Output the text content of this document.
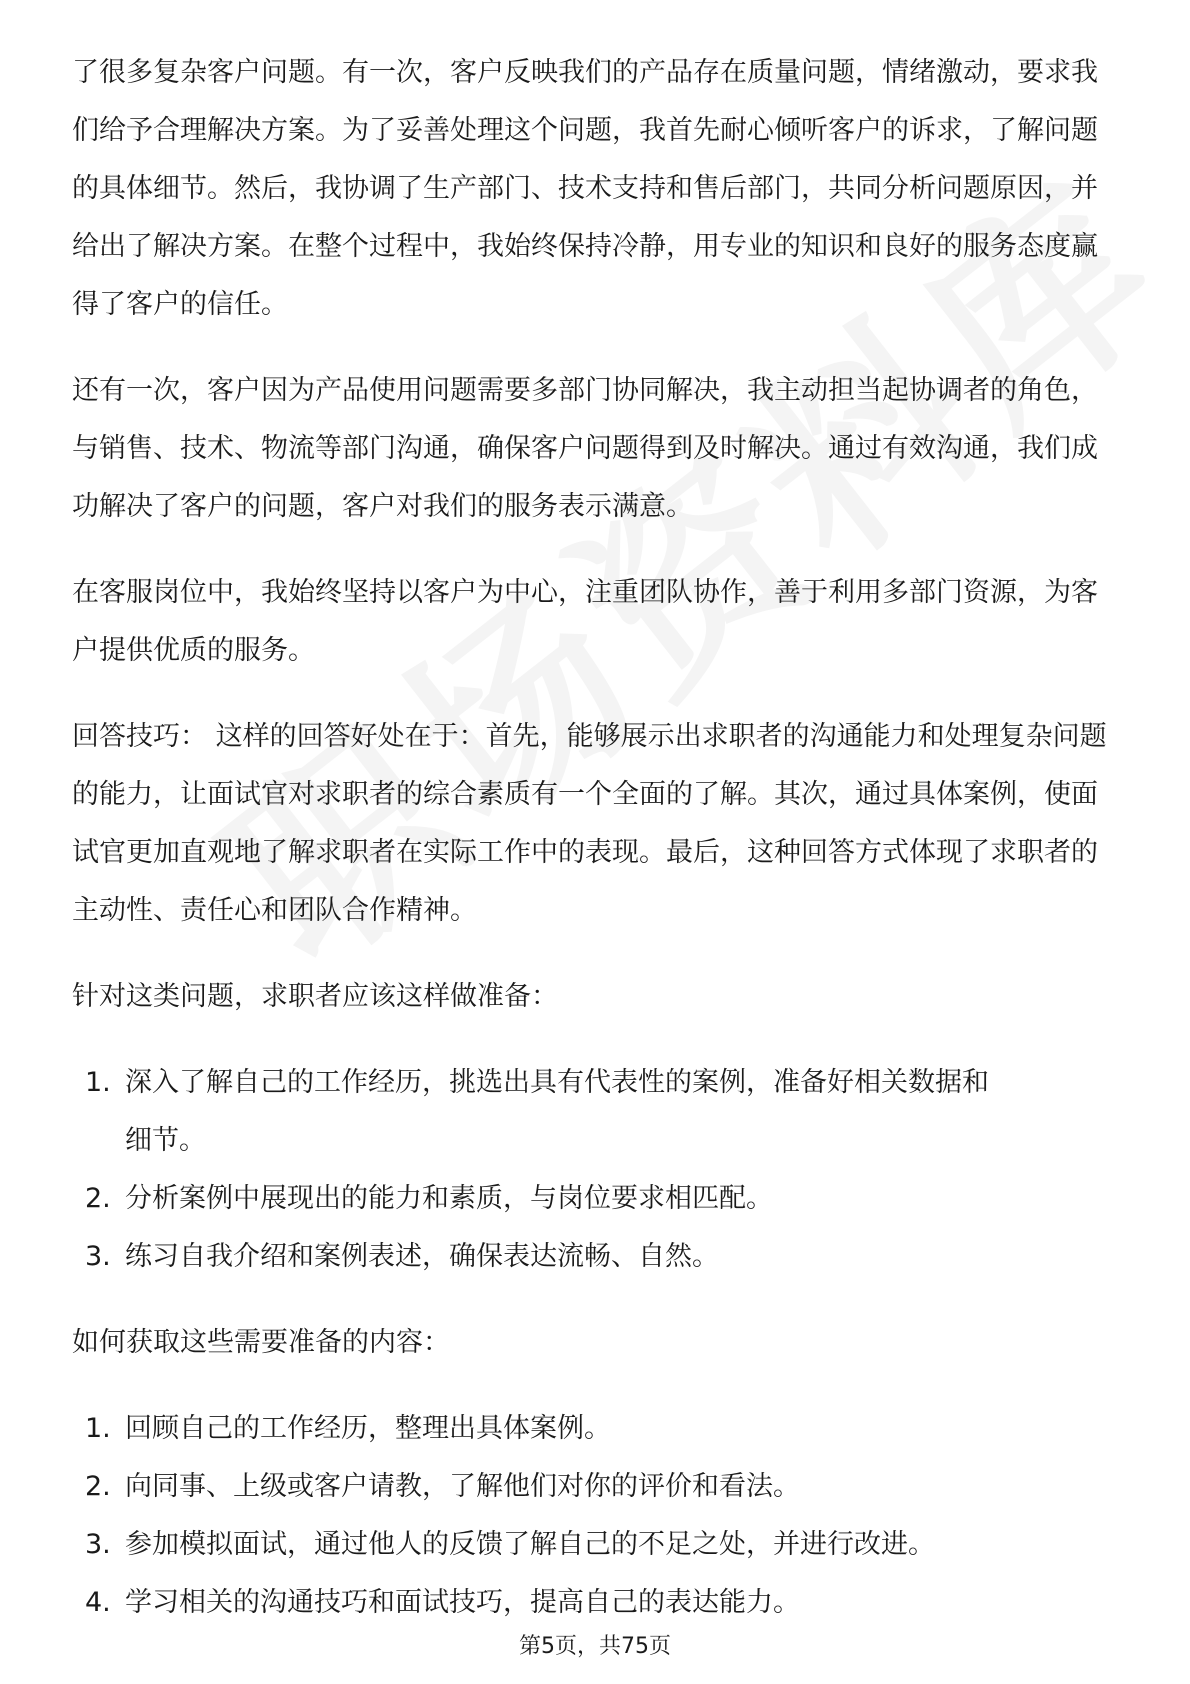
了很多复杂客户问题。有一次，客户反映我们的产品存在质量问题，情绪激动，要求我们给予合理解决方案。为了妥善处理这个问题，我首先耐心倾听客户的诉求，了解问题的具体细节。然后，我协调了生产部门、技术支持和售后部门，共同分析问题原因，并给出了解决方案。在整个过程中，我始终保持冷静，用专业的知识和良好的服务态度赢得了客户的信任。

还有一次，客户因为产品使用问题需要多部门协同解决，我主动担当起协调者的角色，与销售、技术、物流等部门沟通，确保客户问题得到及时解决。通过有效沟通，我们成功解决了客户的问题，客户对我们的服务表示满意。

在客服岗位中，我始终坚持以客户为中心，注重团队协作，善于利用多部门资源，为客户提供优质的服务。

回答技巧： 这样的回答好处在于：首先，能够展示出求职者的沟通能力和处理复杂问题的能力，让面试官对求职者的综合素质有一个全面的了解。其次，通过具体案例，使面试官更加直观地了解求职者在实际工作中的表现。最后，这种回答方式体现了求职者的主动性、责任心和团队合作精神。

针对这类问题，求职者应该这样做准备：

1. 深入了解自己的工作经历，挑选出具有代表性的案例，准备好相关数据和细节。
2. 分析案例中展现出的能力和素质，与岗位要求相匹配。
3. 练习自我介绍和案例表述，确保表达流畅、自然。

如何获取这些需要准备的内容：

1. 回顾自己的工作经历，整理出具体案例。
2. 向同事、上级或客户请教，了解他们对你的评价和看法。
3. 参加模拟面试，通过他人的反馈了解自己的不足之处，并进行改进。
4. 学习相关的沟通技巧和面试技巧，提高自己的表达能力。
第5页，共75页
